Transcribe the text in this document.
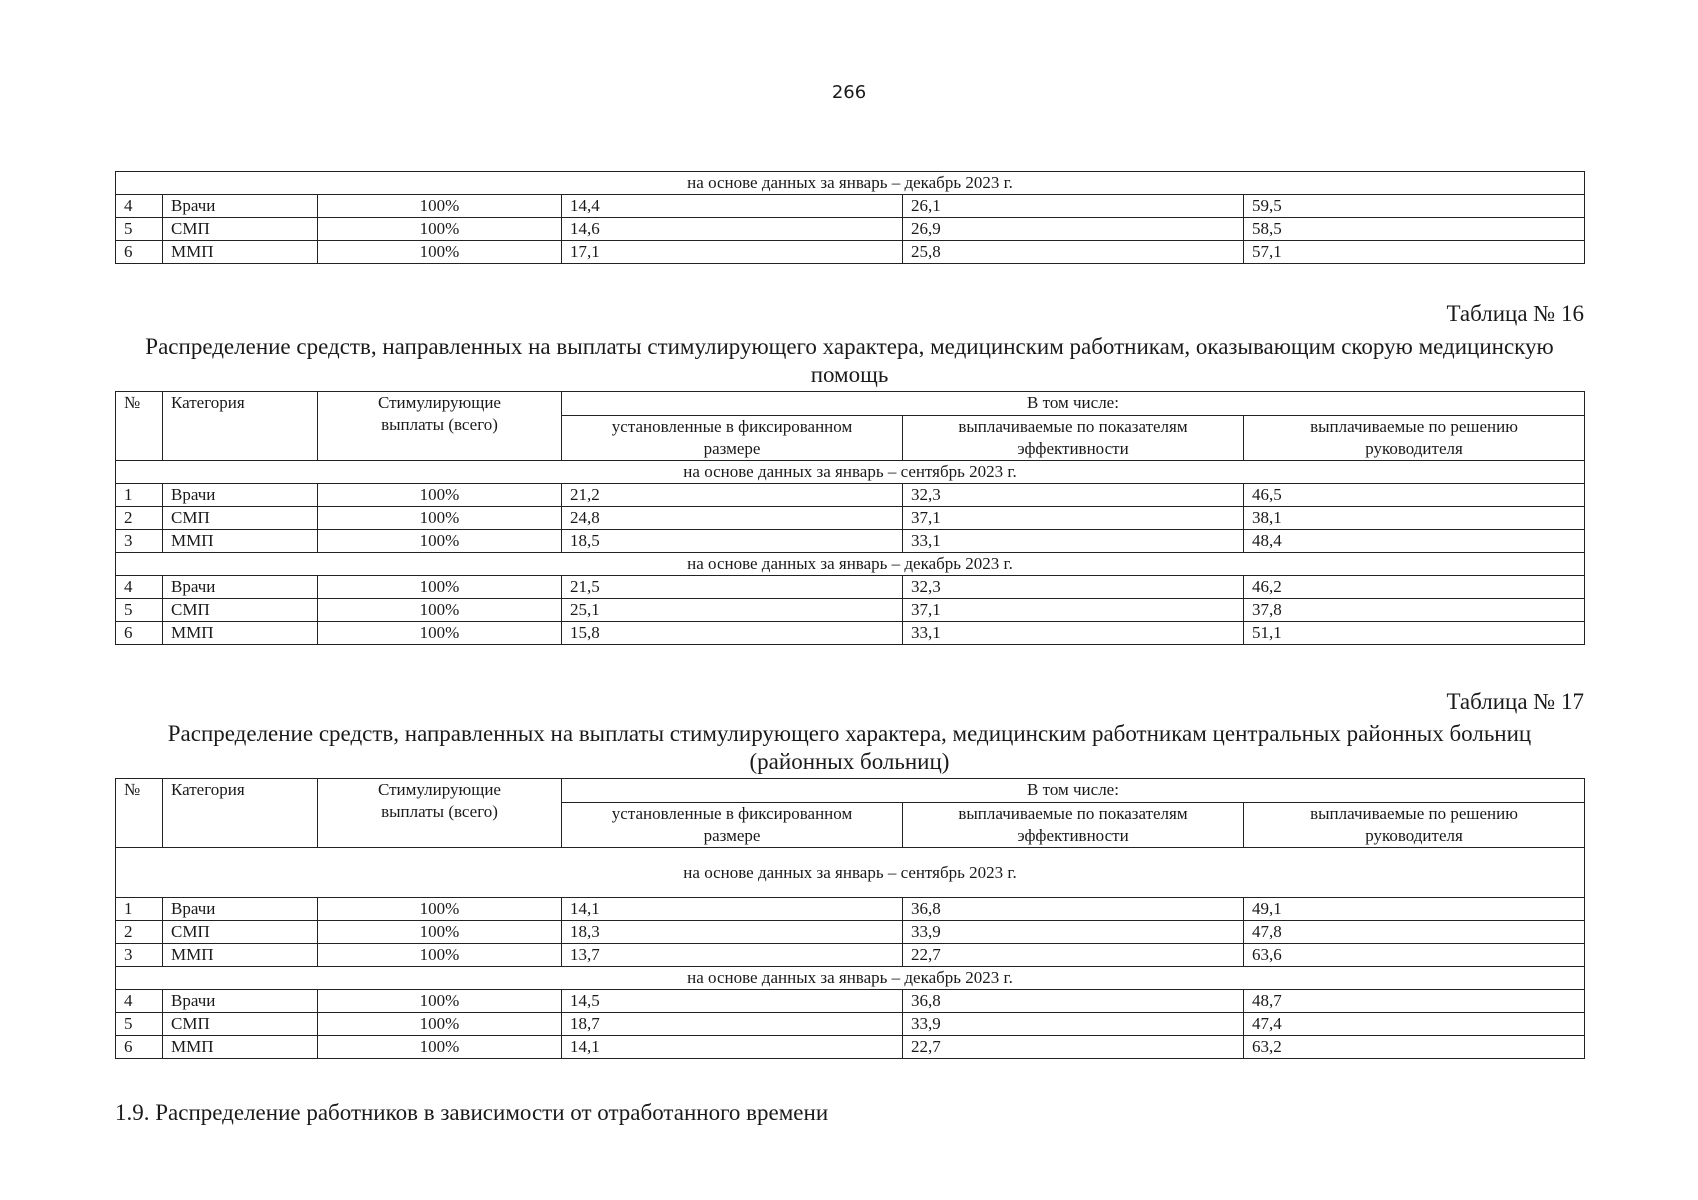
266
на основе данных за январь – декабрь 2023 г.					
4	Врачи	100%	14,4	26,1	59,5
5	СМП	100%	14,6	26,9	58,5
6	ММП	100%	17,1	25,8	57,1
Таблица № 16
Распределение средств, направленных на выплаты стимулирующего характера, медицинским работникам, оказывающим скорую медицинскую помощь
№	Категория	Стимулирующие выплаты (всего)	В том числе:		
			установленные в фиксированном размере	выплачиваемые по показателям эффективности	выплачиваемые по решению руководителя
на основе данных за январь – сентябрь 2023 г.					
1	Врачи	100%	21,2	32,3	46,5
2	СМП	100%	24,8	37,1	38,1
3	ММП	100%	18,5	33,1	48,4
на основе данных за январь – декабрь 2023 г.					
4	Врачи	100%	21,5	32,3	46,2
5	СМП	100%	25,1	37,1	37,8
6	ММП	100%	15,8	33,1	51,1
Таблица № 17
Распределение средств, направленных на выплаты стимулирующего характера, медицинским работникам центральных районных больниц (районных больниц)
№	Категория	Стимулирующие выплаты (всего)	В том числе:		
			установленные в фиксированном размере	выплачиваемые по показателям эффективности	выплачиваемые по решению руководителя
на основе данных за январь – сентябрь 2023 г.					
1	Врачи	100%	14,1	36,8	49,1
2	СМП	100%	18,3	33,9	47,8
3	ММП	100%	13,7	22,7	63,6
на основе данных за январь – декабрь 2023 г.					
4	Врачи	100%	14,5	36,8	48,7
5	СМП	100%	18,7	33,9	47,4
6	ММП	100%	14,1	22,7	63,2
1.9. Распределение работников в зависимости от отработанного времени
